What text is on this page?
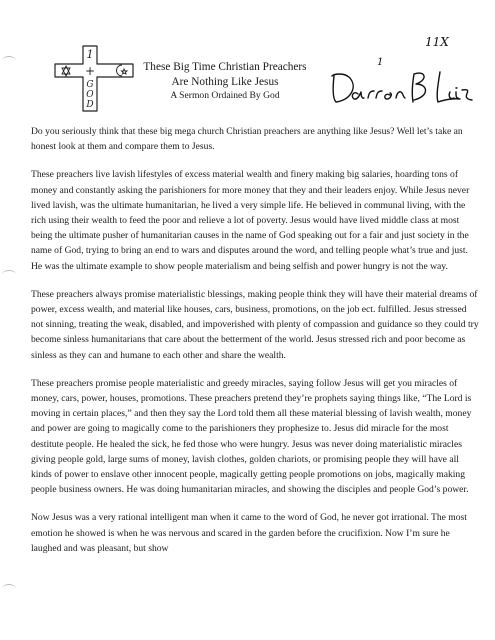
1
+
G
O
D
These Big Time Christian Preachers
Are Nothing Like Jesus
A Sermon Ordained By God
11X
1

Do you seriously think that these big mega church Christian preachers are anything like Jesus? Well let’s take an honest look at them and compare them to Jesus.

These preachers live lavish lifestyles of excess material wealth and finery making big salaries, hoarding tons of money and constantly asking the parishioners for more money that they and their leaders enjoy. While Jesus never lived lavish, was the ultimate humanitarian, he lived a very simple life. He believed in communal living, with the rich using their wealth to feed the poor and relieve a lot of poverty. Jesus would have lived middle class at most being the ultimate pusher of humanitarian causes in the name of God speaking out for a fair and just society in the name of God, trying to bring an end to wars and disputes around the word, and telling people what’s true and just. He was the ultimate example to show people materialism and being selfish and power hungry is not the way.

These preachers always promise materialistic blessings, making people think they will have their material dreams of power, excess wealth, and material like houses, cars, business, promotions, on the job ect. fulfilled. Jesus stressed not sinning, treating the weak, disabled, and impoverished with plenty of compassion and guidance so they could try become sinless humanitarians that care about the betterment of the world. Jesus stressed rich and poor become as sinless as they can and humane to each other and share the wealth.

These preachers promise people materialistic and greedy miracles, saying follow Jesus will get you miracles of money, cars, power, houses, promotions. These preachers pretend they’re prophets saying things like, “The Lord is moving in certain places,” and then they say the Lord told them all these material blessing of lavish wealth, money and power are going to magically come to the parishioners they prophesize to. Jesus did miracle for the most destitute people. He healed the sick, he fed those who were hungry. Jesus was never doing materialistic miracles giving people gold, large sums of money, lavish clothes, golden chariots, or promising people they will have all kinds of power to enslave other innocent people, magically getting people promotions on jobs, magically making people business owners. He was doing humanitarian miracles, and showing the disciples and people God’s power.

Now Jesus was a very rational intelligent man when it came to the word of God, he never got irrational. The most emotion he showed is when he was nervous and scared in the garden before the crucifixion. Now I’m sure he laughed and was pleasant, but show
